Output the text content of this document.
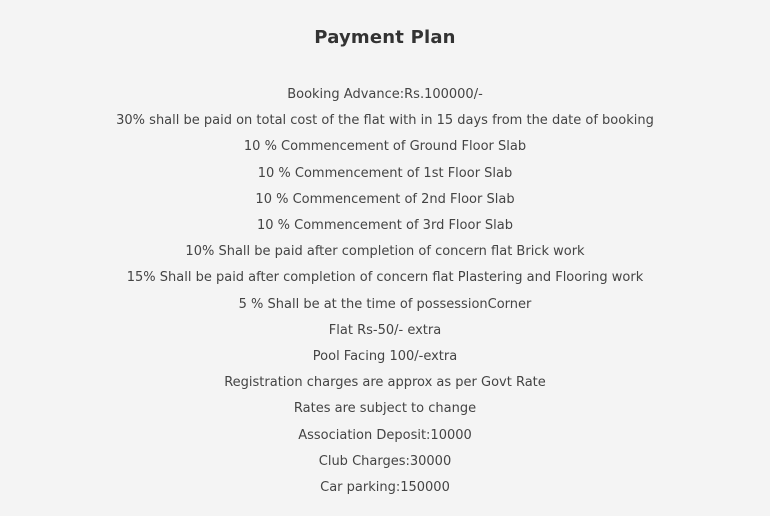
Payment Plan
Booking Advance:Rs.100000/-
30% shall be paid on total cost of the flat with in 15 days from the date of booking
10 % Commencement of Ground Floor Slab
10 % Commencement of 1st Floor Slab
10 % Commencement of 2nd Floor Slab
10 % Commencement of 3rd Floor Slab
10% Shall be paid after completion of concern flat Brick work
15% Shall be paid after completion of concern flat Plastering and Flooring work
5 % Shall be at the time of possessionCorner
Flat Rs-50/- extra
Pool Facing 100/-extra
Registration charges are approx as per Govt Rate
Rates are subject to change
Association Deposit:10000
Club Charges:30000
Car parking:150000
